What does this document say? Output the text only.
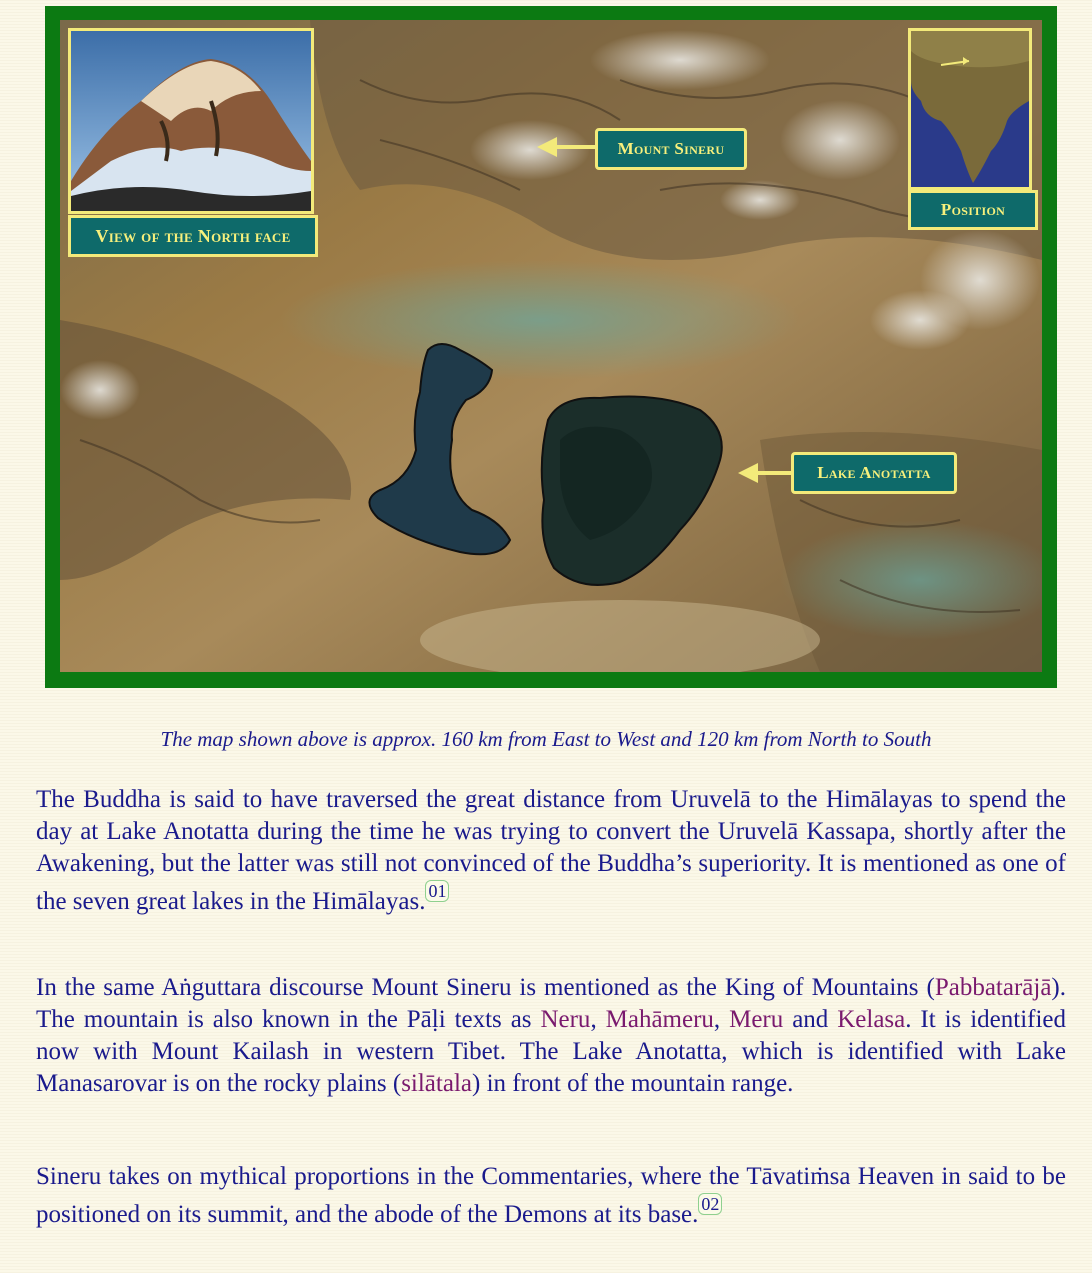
View of the North face
Position
Mount Sineru
Lake Anotatta
The map shown above is approx. 160 km from East to West and 120 km from North to South

The Buddha is said to have traversed the great distance from Uruvelā to the Himālayas to spend the day at Lake Anotatta during the time he was trying to convert the Uruvelā Kassapa, shortly after the Awakening, but the latter was still not convinced of the Buddha’s superiority. It is mentioned as one of the seven great lakes in the Himālayas. 01

In the same Aṅguttara discourse Mount Sineru is mentioned as the King of Mountains (Pabbatarājā). The mountain is also known in the Pāḷi texts as Neru, Mahāmeru, Meru and Kelasa. It is identified now with Mount Kailash in western Tibet. The Lake Anotatta, which is identified with Lake Manasarovar is on the rocky plains (silātala) in front of the mountain range.

Sineru takes on mythical proportions in the Commentaries, where the Tāvatiṁsa Heaven in said to be positioned on its summit, and the abode of the Demons at its base. 02
